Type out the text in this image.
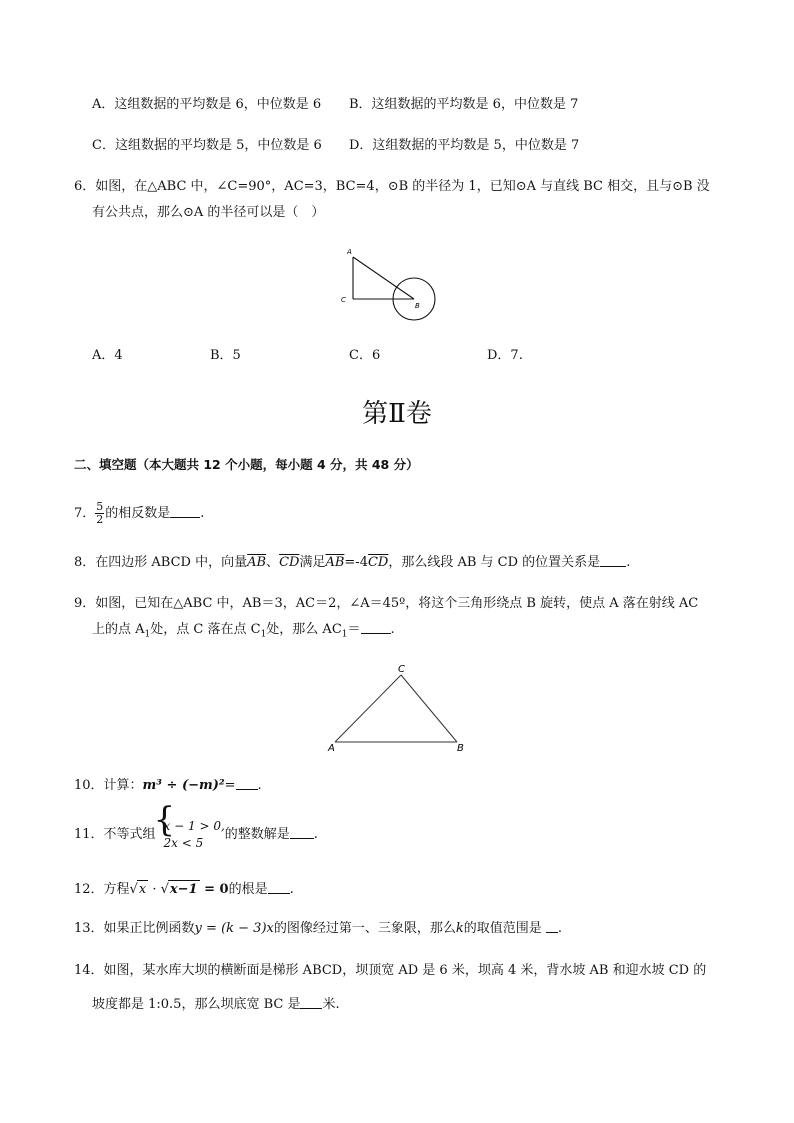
A．这组数据的平均数是 6，中位数是 6 B．这组数据的平均数是 6，中位数是 7
C．这组数据的平均数是 5，中位数是 6 D．这组数据的平均数是 5，中位数是 7
6．如图，在△ABC 中，∠C=90°，AC=3，BC=4，⊙B 的半径为 1，已知⊙A 与直线 BC 相交，且与⊙B 没
有公共点，那么⊙A 的半径可以是（　）
A
C
B
A．4	B．5	C．6	D．7.
第Ⅱ卷
二、填空题（本大题共 12 个小题，每小题 4 分，共 48 分）
7． $\frac{5}{2}$ 的相反数是 .
8．在四边形 ABCD 中，向量$\overline{AB}$、$\overline{CD}$满足$\overline{AB}=-4\overline{CD}$，那么线段 AB 与 CD 的位置关系是 .
9．如图，已知在△ABC 中，AB＝3，AC＝2，∠A＝45º，将这个三角形绕点 B 旋转，使点 A 落在射线 AC
上的点 $A_1$处，点 C 落在点 $C_1$处，那么 $AC_1=$ .
C
A	B
10．计算：m³ ÷ (−m)²= .
11．不等式组
{ x − 1 > 0,
2x < 5
的整数解是 .
12．方程√x · √x−1 = 0的根是 .
13．如果正比例函数y = (k − 3)x的图像经过第一、三象限，那么k的取值范围是 .
14．如图，某水库大坝的横断面是梯形 ABCD，坝顶宽 AD 是 6 米，坝高 4 米，背水坡 AB 和迎水坡 CD 的
坡度都是 1:0.5，那么坝底宽 BC 是 米.
